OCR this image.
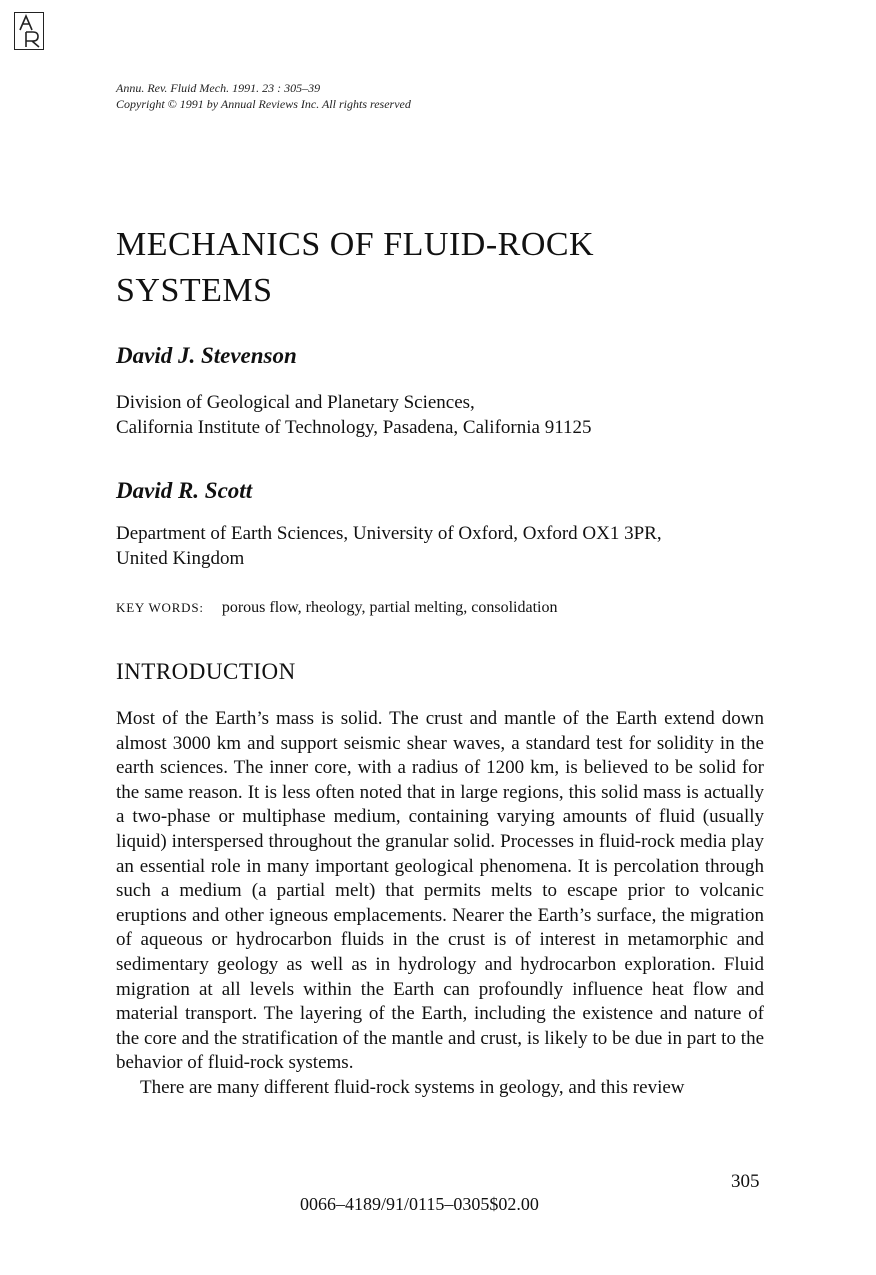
Annu. Rev. Fluid Mech. 1991. 23 : 305–39
Copyright © 1991 by Annual Reviews Inc. All rights reserved
MECHANICS OF FLUID-ROCK SYSTEMS
David J. Stevenson
Division of Geological and Planetary Sciences,
California Institute of Technology, Pasadena, California 91125
David R. Scott
Department of Earth Sciences, University of Oxford, Oxford OX1 3PR,
United Kingdom
KEY WORDS: porous flow, rheology, partial melting, consolidation
INTRODUCTION

Most of the Earth’s mass is solid. The crust and mantle of the Earth extend down almost 3000 km and support seismic shear waves, a standard test for solidity in the earth sciences. The inner core, with a radius of 1200 km, is believed to be solid for the same reason. It is less often noted that in large regions, this solid mass is actually a two-phase or multiphase medium, containing varying amounts of fluid (usually liquid) interspersed throughout the granular solid. Processes in fluid-rock media play an essential role in many important geological phenomena. It is percolation through such a medium (a partial melt) that permits melts to escape prior to volcanic eruptions and other igneous emplacements. Nearer the Earth’s surface, the migration of aqueous or hydrocarbon fluids in the crust is of interest in metamorphic and sedimentary geology as well as in hydrology and hydrocarbon exploration. Fluid migration at all levels within the Earth can profoundly influence heat flow and material transport. The layering of the Earth, including the existence and nature of the core and the stratification of the mantle and crust, is likely to be due in part to the behavior of fluid-rock systems.

There are many different fluid-rock systems in geology, and this review

305
0066–4189/91/0115–0305$02.00
